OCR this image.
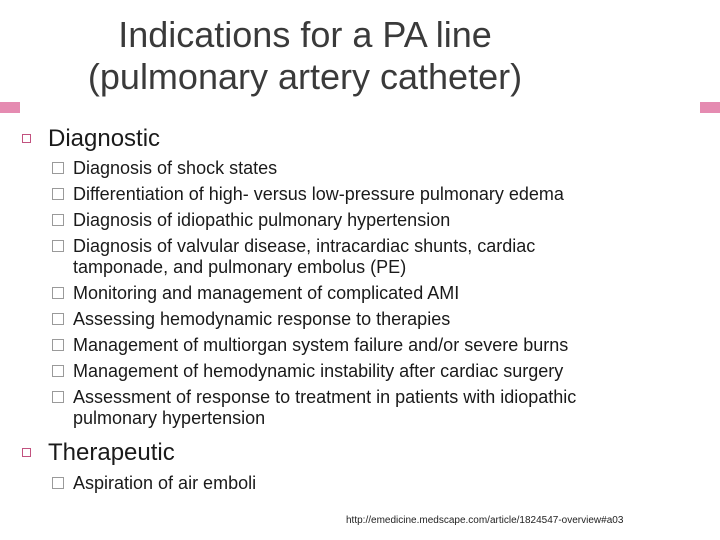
Indications for a PA line
(pulmonary artery catheter)
Diagnostic
Diagnosis of shock states
Differentiation of high- versus low-pressure pulmonary edema
Diagnosis of idiopathic pulmonary hypertension
Diagnosis of valvular disease, intracardiac shunts, cardiac
tamponade, and pulmonary embolus (PE)
Monitoring and management of complicated AMI
Assessing hemodynamic response to therapies
Management of multiorgan system failure and/or severe burns
Management of hemodynamic instability after cardiac surgery
Assessment of response to treatment in patients with idiopathic
pulmonary hypertension
Therapeutic
Aspiration of air emboli
http://emedicine.medscape.com/article/1824547-overview#a03
